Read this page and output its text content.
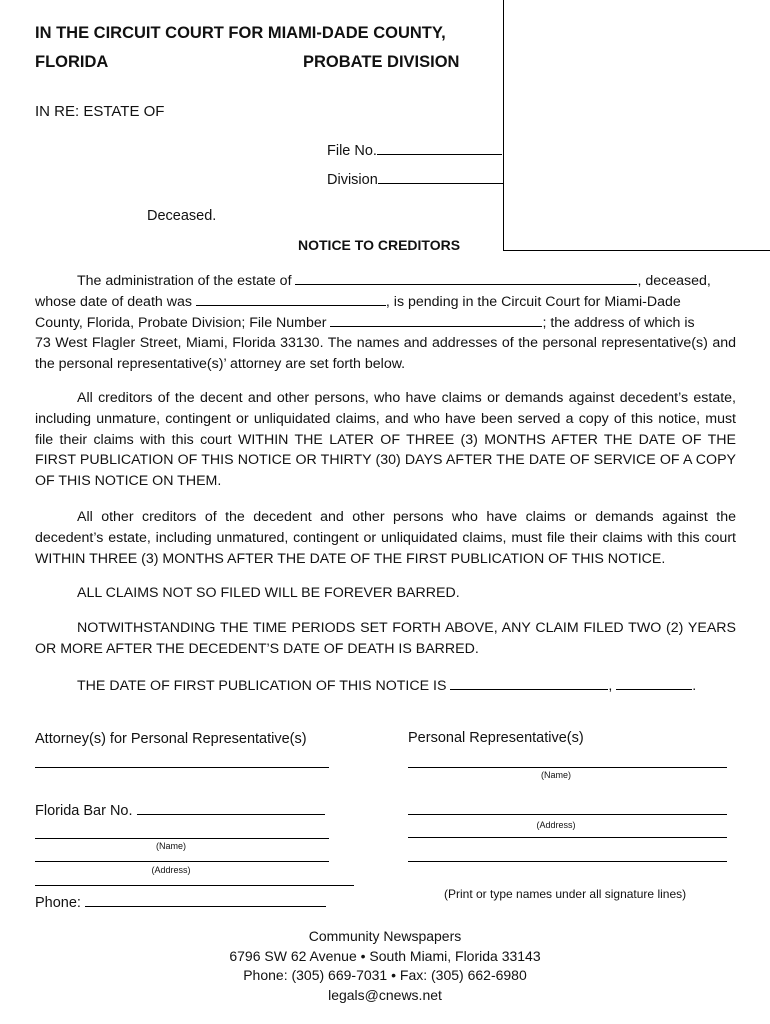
IN THE CIRCUIT COURT FOR MIAMI-DADE COUNTY,
FLORIDA	PROBATE DIVISION
IN RE: ESTATE OF
File No.
Division
Deceased.
NOTICE TO CREDITORS
The administration of the estate of	, deceased,
whose date of death was	, is pending in the Circuit Court for Miami-Dade
County, Florida, Probate Division; File Number	; the address of which is
73 West Flagler Street, Miami, Florida 33130. The names and addresses of the personal representative(s) and the personal representative(s)’ attorney are set forth below.
All creditors of the decent and other persons, who have claims or demands against decedent’s estate, including unmature, contingent or unliquidated claims, and who have been served a copy of this notice, must file their claims with this court WITHIN THE LATER OF THREE (3) MONTHS AFTER THE DATE OF THE FIRST PUBLICATION OF THIS NOTICE OR THIRTY (30) DAYS AFTER THE DATE OF SERVICE OF A COPY OF THIS NOTICE ON THEM.
All other creditors of the decedent and other persons who have claims or demands against the decedent’s estate, including unmatured, contingent or unliquidated claims, must file their claims with this court WITHIN THREE (3) MONTHS AFTER THE DATE OF THE FIRST PUBLICATION OF THIS NOTICE.
ALL CLAIMS NOT SO FILED WILL BE FOREVER BARRED.
NOTWITHSTANDING THE TIME PERIODS SET FORTH ABOVE, ANY CLAIM FILED TWO (2) YEARS OR MORE AFTER THE DECEDENT’S DATE OF DEATH IS BARRED.
THE DATE OF FIRST PUBLICATION OF THIS NOTICE IS	,	.
Attorney(s) for Personal Representative(s)
Florida Bar No.
(Name)
(Address)
Phone:
Personal Representative(s)
(Name)
(Address)
(Print or type names under all signature lines)
Community Newspapers
6796 SW 62 Avenue • South Miami, Florida 33143
Phone: (305) 669-7031 • Fax: (305) 662-6980
legals@cnews.net
